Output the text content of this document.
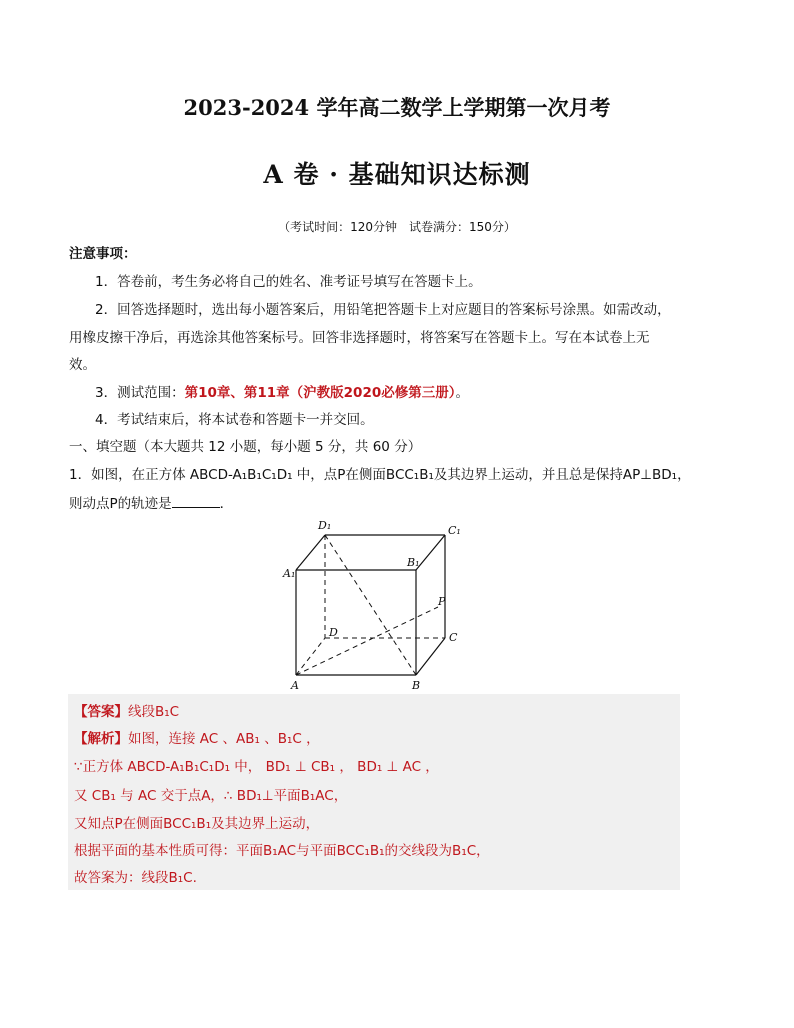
2023-2024 学年高二数学上学期第一次月考
A 卷 · 基础知识达标测
（考试时间：120分钟　试卷满分：150分）
注意事项：
1．答卷前，考生务必将自己的姓名、准考证号填写在答题卡上。
2．回答选择题时，选出每小题答案后，用铅笔把答题卡上对应题目的答案标号涂黑。如需改动，
用橡皮擦干净后，再选涂其他答案标号。回答非选择题时，将答案写在答题卡上。写在本试卷上无
效。
3．测试范围：第10章、第11章（沪教版2020必修第三册）。
4．考试结束后，将本试卷和答题卡一并交回。
一、填空题（本大题共 12 小题，每小题 5 分，共 60 分）
1．如图，在正方体 ABCD-A₁B₁C₁D₁ 中，点P在侧面BCC₁B₁及其边界上运动，并且总是保持AP⊥BD₁，
则动点P的轨迹是	．
D₁	C₁
A₁
B₁
P
D	C
A	B
【答案】线段B₁C
【解析】如图，连接 AC 、AB₁ 、B₁C ，
∵正方体 ABCD-A₁B₁C₁D₁ 中， BD₁ ⊥ CB₁ ， BD₁ ⊥ AC ，
又 CB₁ 与 AC 交于点A，∴ BD₁⊥平面B₁AC，
又知点P在侧面BCC₁B₁及其边界上运动，
根据平面的基本性质可得：平面B₁AC与平面BCC₁B₁的交线段为B₁C，
故答案为：线段B₁C.
